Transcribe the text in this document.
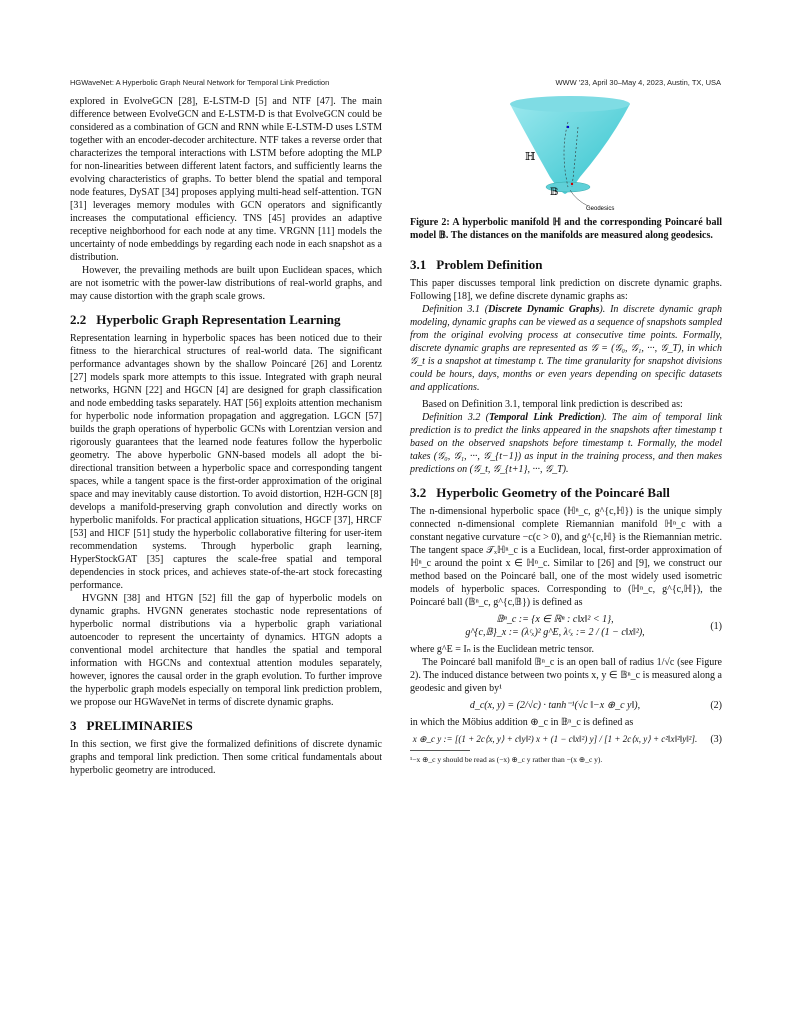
HGWaveNet: A Hyperbolic Graph Neural Network for Temporal Link Prediction	WWW '23, April 30–May 4, 2023, Austin, TX, USA

explored in EvolveGCN [28], E-LSTM-D [5] and NTF [47]. The main difference between EvolveGCN and E-LSTM-D is that EvolveGCN could be considered as a combination of GCN and RNN while E-LSTM-D uses LSTM together with an encoder-decoder architecture. NTF takes a reverse order that characterizes the temporal interactions with LSTM before adopting the MLP for non-linearities between different latent factors, and sufficiently learns the evolving characteristics of graphs. To better blend the spatial and temporal node features, DySAT [34] proposes applying multi-head self-attention. TGN [31] leverages memory modules with GCN operators and significantly increases the computational efficiency. TNS [45] provides an adaptive receptive neighborhood for each node at any time. VRGNN [11] models the uncertainty of node embeddings by regarding each node in each snapshot as a distribution.

However, the prevailing methods are built upon Euclidean spaces, which are not isometric with the power-law distributions of real-world graphs, and may cause distortion with the graph scale grows.

2.2 Hyperbolic Graph Representation Learning

Representation learning in hyperbolic spaces has been noticed due to their fitness to the hierarchical structures of real-world data. The significant performance advantages shown by the shallow Poincaré [26] and Lorentz [27] models spark more attempts to this issue. Integrated with graph neural networks, HGNN [22] and HGCN [4] are designed for graph classification and node embedding tasks separately. HAT [56] exploits attention mechanism for hyperbolic node information propagation and aggregation. LGCN [57] builds the graph operations of hyperbolic GCNs with Lorentzian version and rigorously guarantees that the learned node features follow the hyperbolic geometry. The above hyperbolic GNN-based models all adopt the bi-directional transition between a hyperbolic space and corresponding tangent spaces, while a tangent space is the first-order approximation of the original space and may inevitably cause distortion. To avoid distortion, H2H-GCN [8] develops a manifold-preserving graph convolution and directly works on hyperbolic manifolds. For practical application situations, HGCF [37], HRCF [53] and HICF [51] study the hyperbolic collaborative filtering for user-item recommendation systems. Through hyperbolic graph learning, HyperStockGAT [35] captures the scale-free spatial and temporal dependencies in stock prices, and achieves state-of-the-art stock forecasting performance.

HVGNN [38] and HTGN [52] fill the gap of hyperbolic models on dynamic graphs. HVGNN generates stochastic node representations of hyperbolic normal distributions via a hyperbolic graph variational autoencoder to represent the uncertainty of dynamics. HTGN adopts a conventional model architecture that handles the spatial and temporal information with HGCNs and contextual attention modules separately, however, ignores the causal order in the graph evolution. To further improve the hyperbolic graph models especially on temporal link prediction problem, we propose our HGWaveNet in terms of discrete dynamic graphs.

3 PRELIMINARIES

In this section, we first give the formalized definitions of discrete dynamic graphs and temporal link prediction. Then some critical fundamentals about hyperbolic geometry are introduced.

ℍ
𝔹
Geodesics
Figure 2: A hyperbolic manifold ℍ and the corresponding Poincaré ball model 𝔹. The distances on the manifolds are measured along geodesics.
3.1 Problem Definition

This paper discusses temporal link prediction on discrete dynamic graphs. Following [18], we define discrete dynamic graphs as:

Definition 3.1 (Discrete Dynamic Graphs). In discrete dynamic graph modeling, dynamic graphs can be viewed as a sequence of snapshots sampled from the original evolving process at consecutive time points. Formally, discrete dynamic graphs are represented as 𝒢 = (𝒢₀, 𝒢₁, ···, 𝒢_T), in which 𝒢_t is a snapshot at timestamp t. The time granularity for snapshot divisions could be hours, days, months or even years depending on specific datasets and applications.

Based on Definition 3.1, temporal link prediction is described as:

Definition 3.2 (Temporal Link Prediction). The aim of temporal link prediction is to predict the links appeared in the snapshots after timestamp t based on the observed snapshots before timestamp t. Formally, the model takes (𝒢₀, 𝒢₁, ···, 𝒢_{t−1}) as input in the training process, and then makes predictions on (𝒢_t, 𝒢_{t+1}, ···, 𝒢_T).

3.2 Hyperbolic Geometry of the Poincaré Ball

The n-dimensional hyperbolic space (ℍⁿ_c, g^{c,ℍ}) is the unique simply connected n-dimensional complete Riemannian manifold ℍⁿ_c with a constant negative curvature −c(c > 0), and g^{c,ℍ} is the Riemannian metric. The tangent space 𝒯ₓℍⁿ_c is a Euclidean, local, first-order approximation of ℍⁿ_c around the point x ∈ ℍⁿ_c. Similar to [26] and [9], we construct our method based on the Poincaré ball, one of the most widely used isometric models of hyperbolic spaces. Corresponding to (ℍⁿ_c, g^{c,ℍ}), the Poincaré ball (𝔹ⁿ_c, g^{c,𝔹}) is defined as

𝔹ⁿ_c := {x ∈ ℝⁿ : c‖x‖² < 1},
g^{c,𝔹}_x := (λᶜₓ)² g^E, λᶜₓ := 2 / (1 − c‖x‖²),
(1)

where g^E = Iₙ is the Euclidean metric tensor.

The Poincaré ball manifold 𝔹ⁿ_c is an open ball of radius 1/√c (see Figure 2). The induced distance between two points x, y ∈ 𝔹ⁿ_c is measured along a geodesic and given by¹

d_c(x, y) = (2/√c) · tanh⁻¹(√c ‖−x ⊕_c y‖),	(2)

in which the Möbius addition ⊕_c in 𝔹ⁿ_c is defined as

x ⊕_c y := [(1 + 2c⟨x, y⟩ + c‖y‖²) x + (1 − c‖x‖²) y] / [1 + 2c⟨x, y⟩ + c²‖x‖²‖y‖²].	(3)
¹−x ⊕_c y should be read as (−x) ⊕_c y rather than −(x ⊕_c y).
